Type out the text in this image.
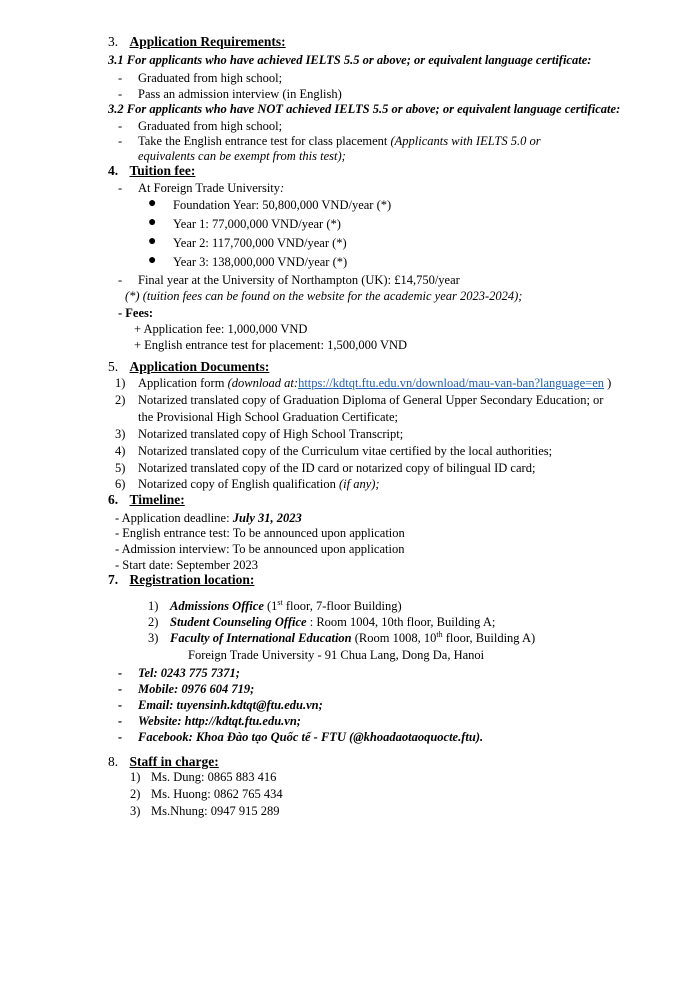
3. Application Requirements:
3.1 For applicants who have achieved IELTS 5.5 or above; or equivalent language certificate:
- Graduated from high school;
- Pass an admission interview (in English)
3.2 For applicants who have NOT achieved IELTS 5.5 or above; or equivalent language certificate:
- Graduated from high school;
- Take the English entrance test for class placement (Applicants with IELTS 5.0 or
equivalents can be exempt from this test);
4. Tuition fee:
- At Foreign Trade University:
● Foundation Year: 50,800,000 VND/year (*)
● Year 1: 77,000,000 VND/year (*)
● Year 2: 117,700,000 VND/year (*)
● Year 3: 138,000,000 VND/year (*)
- Final year at the University of Northampton (UK): £14,750/year
(*) (tuition fees can be found on the website for the academic year 2023-2024);
- Fees:
+ Application fee: 1,000,000 VND
+ English entrance test for placement: 1,500,000 VND
5. Application Documents:
1) Application form (download at:https://kdtqt.ftu.edu.vn/download/mau-van-ban?language=en )
2) Notarized translated copy of Graduation Diploma of General Upper Secondary Education; or
the Provisional High School Graduation Certificate;
3) Notarized translated copy of High School Transcript;
4) Notarized translated copy of the Curriculum vitae certified by the local authorities;
5) Notarized translated copy of the ID card or notarized copy of bilingual ID card;
6) Notarized copy of English qualification (if any);
6. Timeline:
- Application deadline: July 31, 2023
- English entrance test: To be announced upon application
- Admission interview: To be announced upon application
- Start date: September 2023
7. Registration location:
1) Admissions Office (1st floor, 7-floor Building)
2) Student Counseling Office : Room 1004, 10th floor, Building A;
3) Faculty of International Education (Room 1008, 10th floor, Building A)
Foreign Trade University - 91 Chua Lang, Dong Da, Hanoi
- Tel: 0243 775 7371;
- Mobile: 0976 604 719;
- Email: tuyensinh.kdtqt@ftu.edu.vn;
- Website: http://kdtqt.ftu.edu.vn;
- Facebook: Khoa Đào tạo Quốc tế - FTU (@khoadaotaoquocte.ftu).
8. Staff in charge:
1) Ms. Dung: 0865 883 416
2) Ms. Huong: 0862 765 434
3) Ms.Nhung: 0947 915 289
